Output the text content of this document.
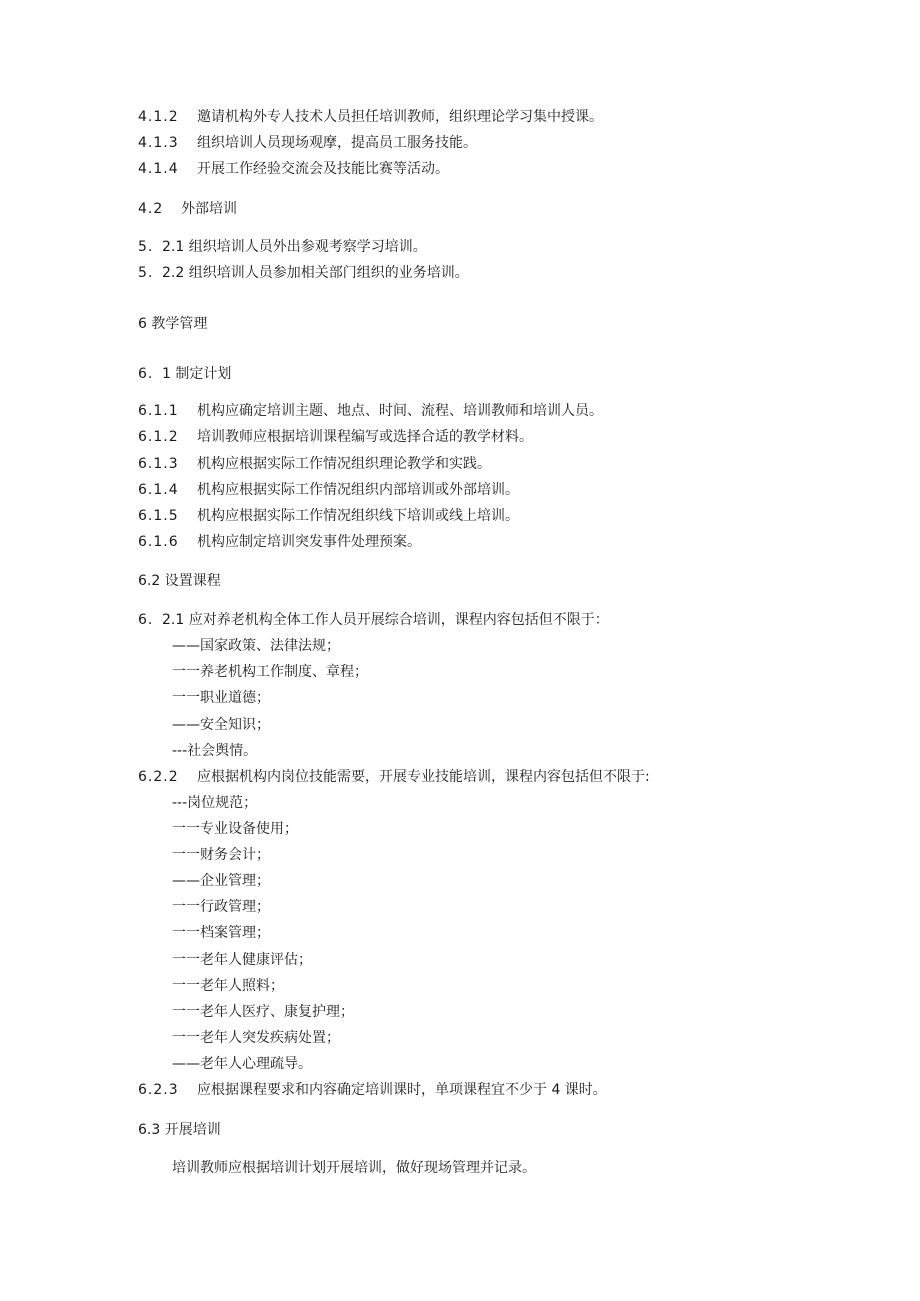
4.1.2 邀请机构外专人技术人员担任培训教师，组织理论学习集中授课。
4.1.3 组织培训人员现场观摩，提高员工服务技能。
4.1.4 开展工作经验交流会及技能比赛等活动。
4.2 外部培训
5. 2.1 组织培训人员外出参观考察学习培训。
5. 2.2 组织培训人员参加相关部门组织的业务培训。
6 教学管理
6. 1 制定计划
6.1.1 机构应确定培训主题、地点、时间、流程、培训教师和培训人员。
6.1.2 培训教师应根据培训课程编写或选择合适的教学材料。
6.1.3 机构应根据实际工作情况组织理论教学和实践。
6.1.4 机构应根据实际工作情况组织内部培训或外部培训。
6.1.5 机构应根据实际工作情况组织线下培训或线上培训。
6.1.6 机构应制定培训突发事件处理预案。
6.2 设置课程
6. 2.1 应对养老机构全体工作人员开展综合培训，课程内容包括但不限于：
——国家政策、法律法规；
一一养老机构工作制度、章程；
一一职业道德；
——安全知识；
---社会舆情。
6.2.2 应根据机构内岗位技能需要，开展专业技能培训，课程内容包括但不限于:
---岗位规范；
一一专业设备使用；
一一财务会计；
——企业管理；
一一行政管理；
一一档案管理；
一一老年人健康评估；
一一老年人照料；
一一老年人医疗、康复护理；
一一老年人突发疾病处置；
——老年人心理疏导。
6.2.3 应根据课程要求和内容确定培训课时，单项课程宜不少于 4 课时。
6.3 开展培训
培训教师应根据培训计划开展培训，做好现场管理并记录。
